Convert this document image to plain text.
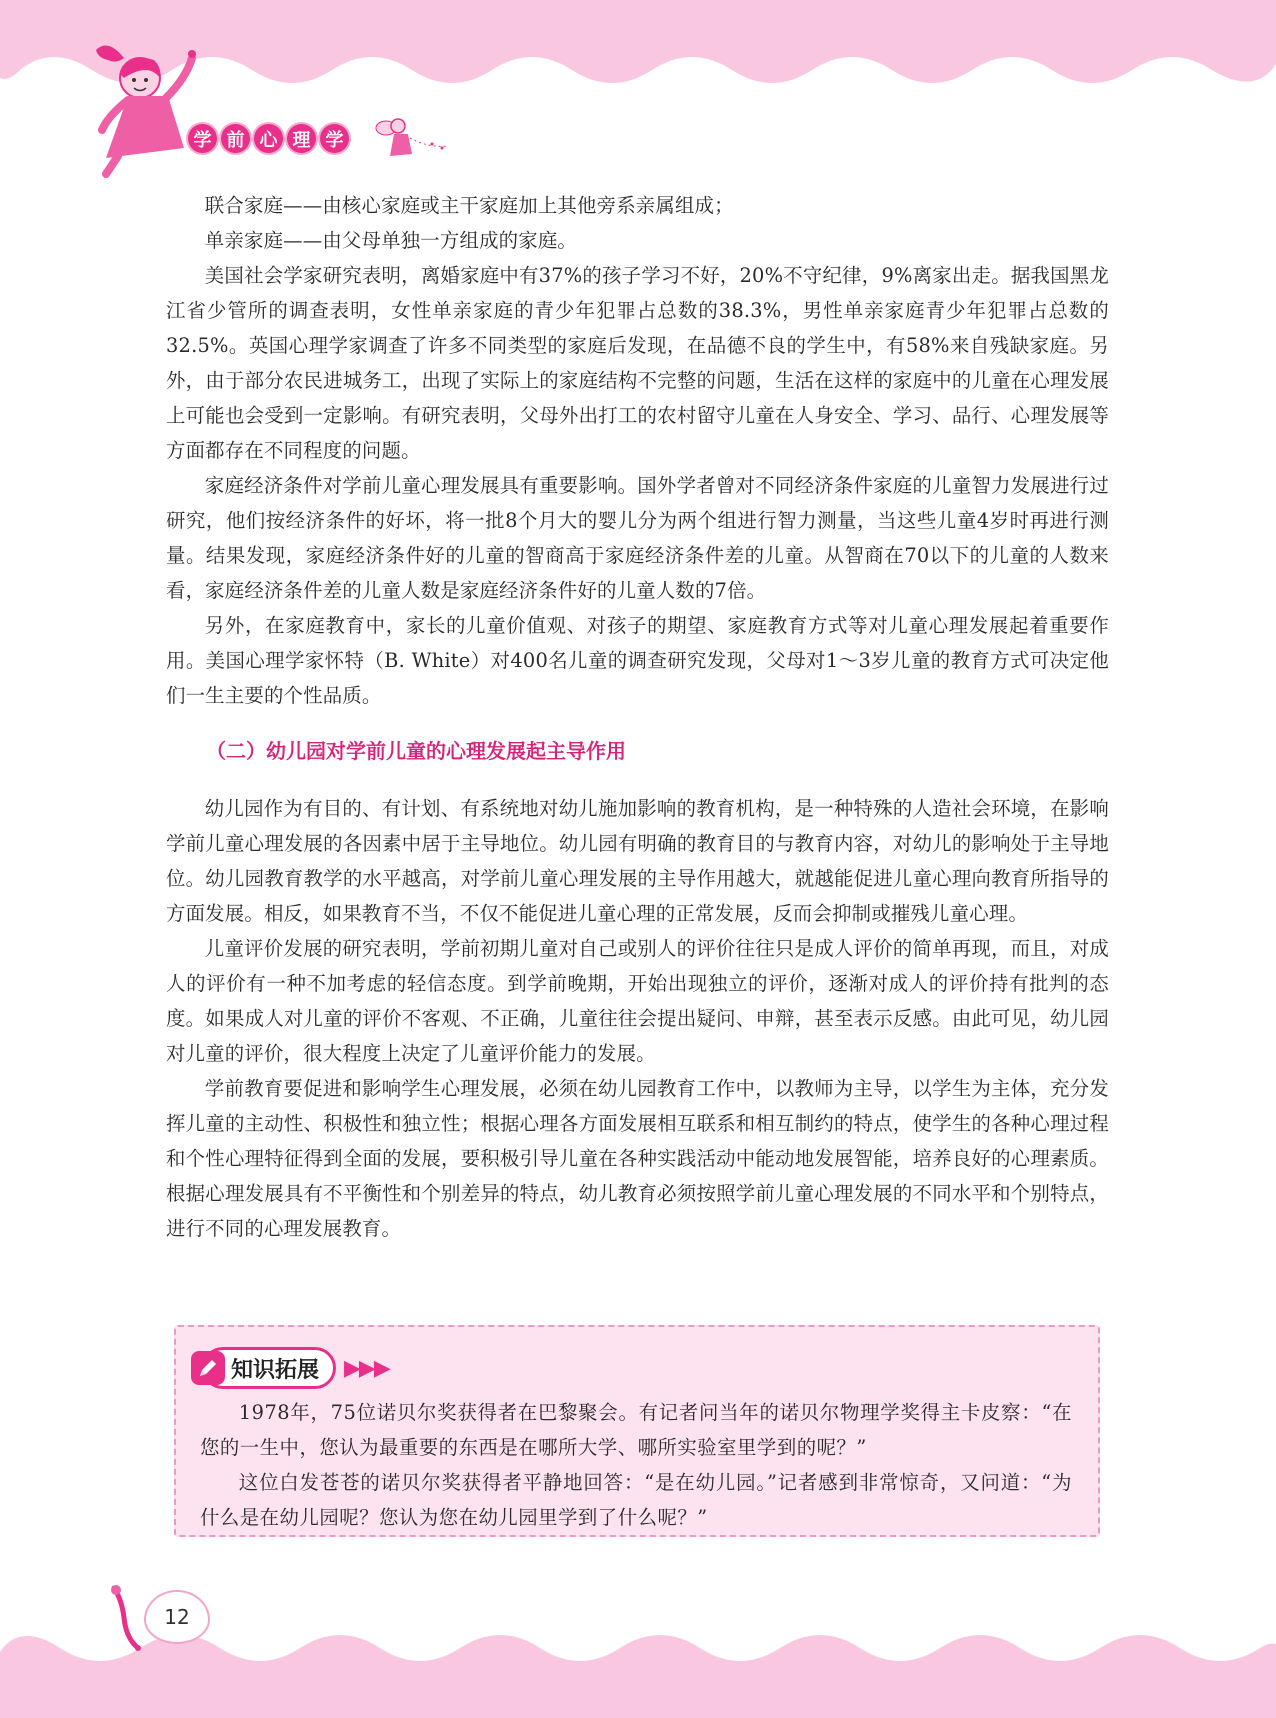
学 前 心 理 学

联合家庭——由核心家庭或主干家庭加上其他旁系亲属组成；

单亲家庭——由父母单独一方组成的家庭。

美国社会学家研究表明，离婚家庭中有37%的孩子学习不好，20%不守纪律，9%离家出走。据我国黑龙江省少管所的调查表明，女性单亲家庭的青少年犯罪占总数的38.3%，男性单亲家庭青少年犯罪占总数的32.5%。英国心理学家调查了许多不同类型的家庭后发现，在品德不良的学生中，有58%来自残缺家庭。另外，由于部分农民进城务工，出现了实际上的家庭结构不完整的问题，生活在这样的家庭中的儿童在心理发展上可能也会受到一定影响。有研究表明，父母外出打工的农村留守儿童在人身安全、学习、品行、心理发展等方面都存在不同程度的问题。

家庭经济条件对学前儿童心理发展具有重要影响。国外学者曾对不同经济条件家庭的儿童智力发展进行过研究，他们按经济条件的好坏，将一批8个月大的婴儿分为两个组进行智力测量，当这些儿童4岁时再进行测量。结果发现，家庭经济条件好的儿童的智商高于家庭经济条件差的儿童。从智商在70以下的儿童的人数来看，家庭经济条件差的儿童人数是家庭经济条件好的儿童人数的7倍。

另外，在家庭教育中，家长的儿童价值观、对孩子的期望、家庭教育方式等对儿童心理发展起着重要作用。美国心理学家怀特（B. White）对400名儿童的调查研究发现，父母对1～3岁儿童的教育方式可决定他们一生主要的个性品质。

（二）幼儿园对学前儿童的心理发展起主导作用

幼儿园作为有目的、有计划、有系统地对幼儿施加影响的教育机构，是一种特殊的人造社会环境，在影响学前儿童心理发展的各因素中居于主导地位。幼儿园有明确的教育目的与教育内容，对幼儿的影响处于主导地位。幼儿园教育教学的水平越高，对学前儿童心理发展的主导作用越大，就越能促进儿童心理向教育所指导的方面发展。相反，如果教育不当，不仅不能促进儿童心理的正常发展，反而会抑制或摧残儿童心理。

儿童评价发展的研究表明，学前初期儿童对自己或别人的评价往往只是成人评价的简单再现，而且，对成人的评价有一种不加考虑的轻信态度。到学前晚期，开始出现独立的评价，逐渐对成人的评价持有批判的态度。如果成人对儿童的评价不客观、不正确，儿童往往会提出疑问、申辩，甚至表示反感。由此可见，幼儿园对儿童的评价，很大程度上决定了儿童评价能力的发展。

学前教育要促进和影响学生心理发展，必须在幼儿园教育工作中，以教师为主导，以学生为主体，充分发挥儿童的主动性、积极性和独立性；根据心理各方面发展相互联系和相互制约的特点，使学生的各种心理过程和个性心理特征得到全面的发展，要积极引导儿童在各种实践活动中能动地发展智能，培养良好的心理素质。根据心理发展具有不平衡性和个别差异的特点，幼儿教育必须按照学前儿童心理发展的不同水平和个别特点，进行不同的心理发展教育。

知识拓展 ▶▶▶

1978年，75位诺贝尔奖获得者在巴黎聚会。有记者问当年的诺贝尔物理学奖得主卡皮察：“在您的一生中，您认为最重要的东西是在哪所大学、哪所实验室里学到的呢？”

这位白发苍苍的诺贝尔奖获得者平静地回答：“是在幼儿园。”记者感到非常惊奇，又问道：“为什么是在幼儿园呢？您认为您在幼儿园里学到了什么呢？”

12
